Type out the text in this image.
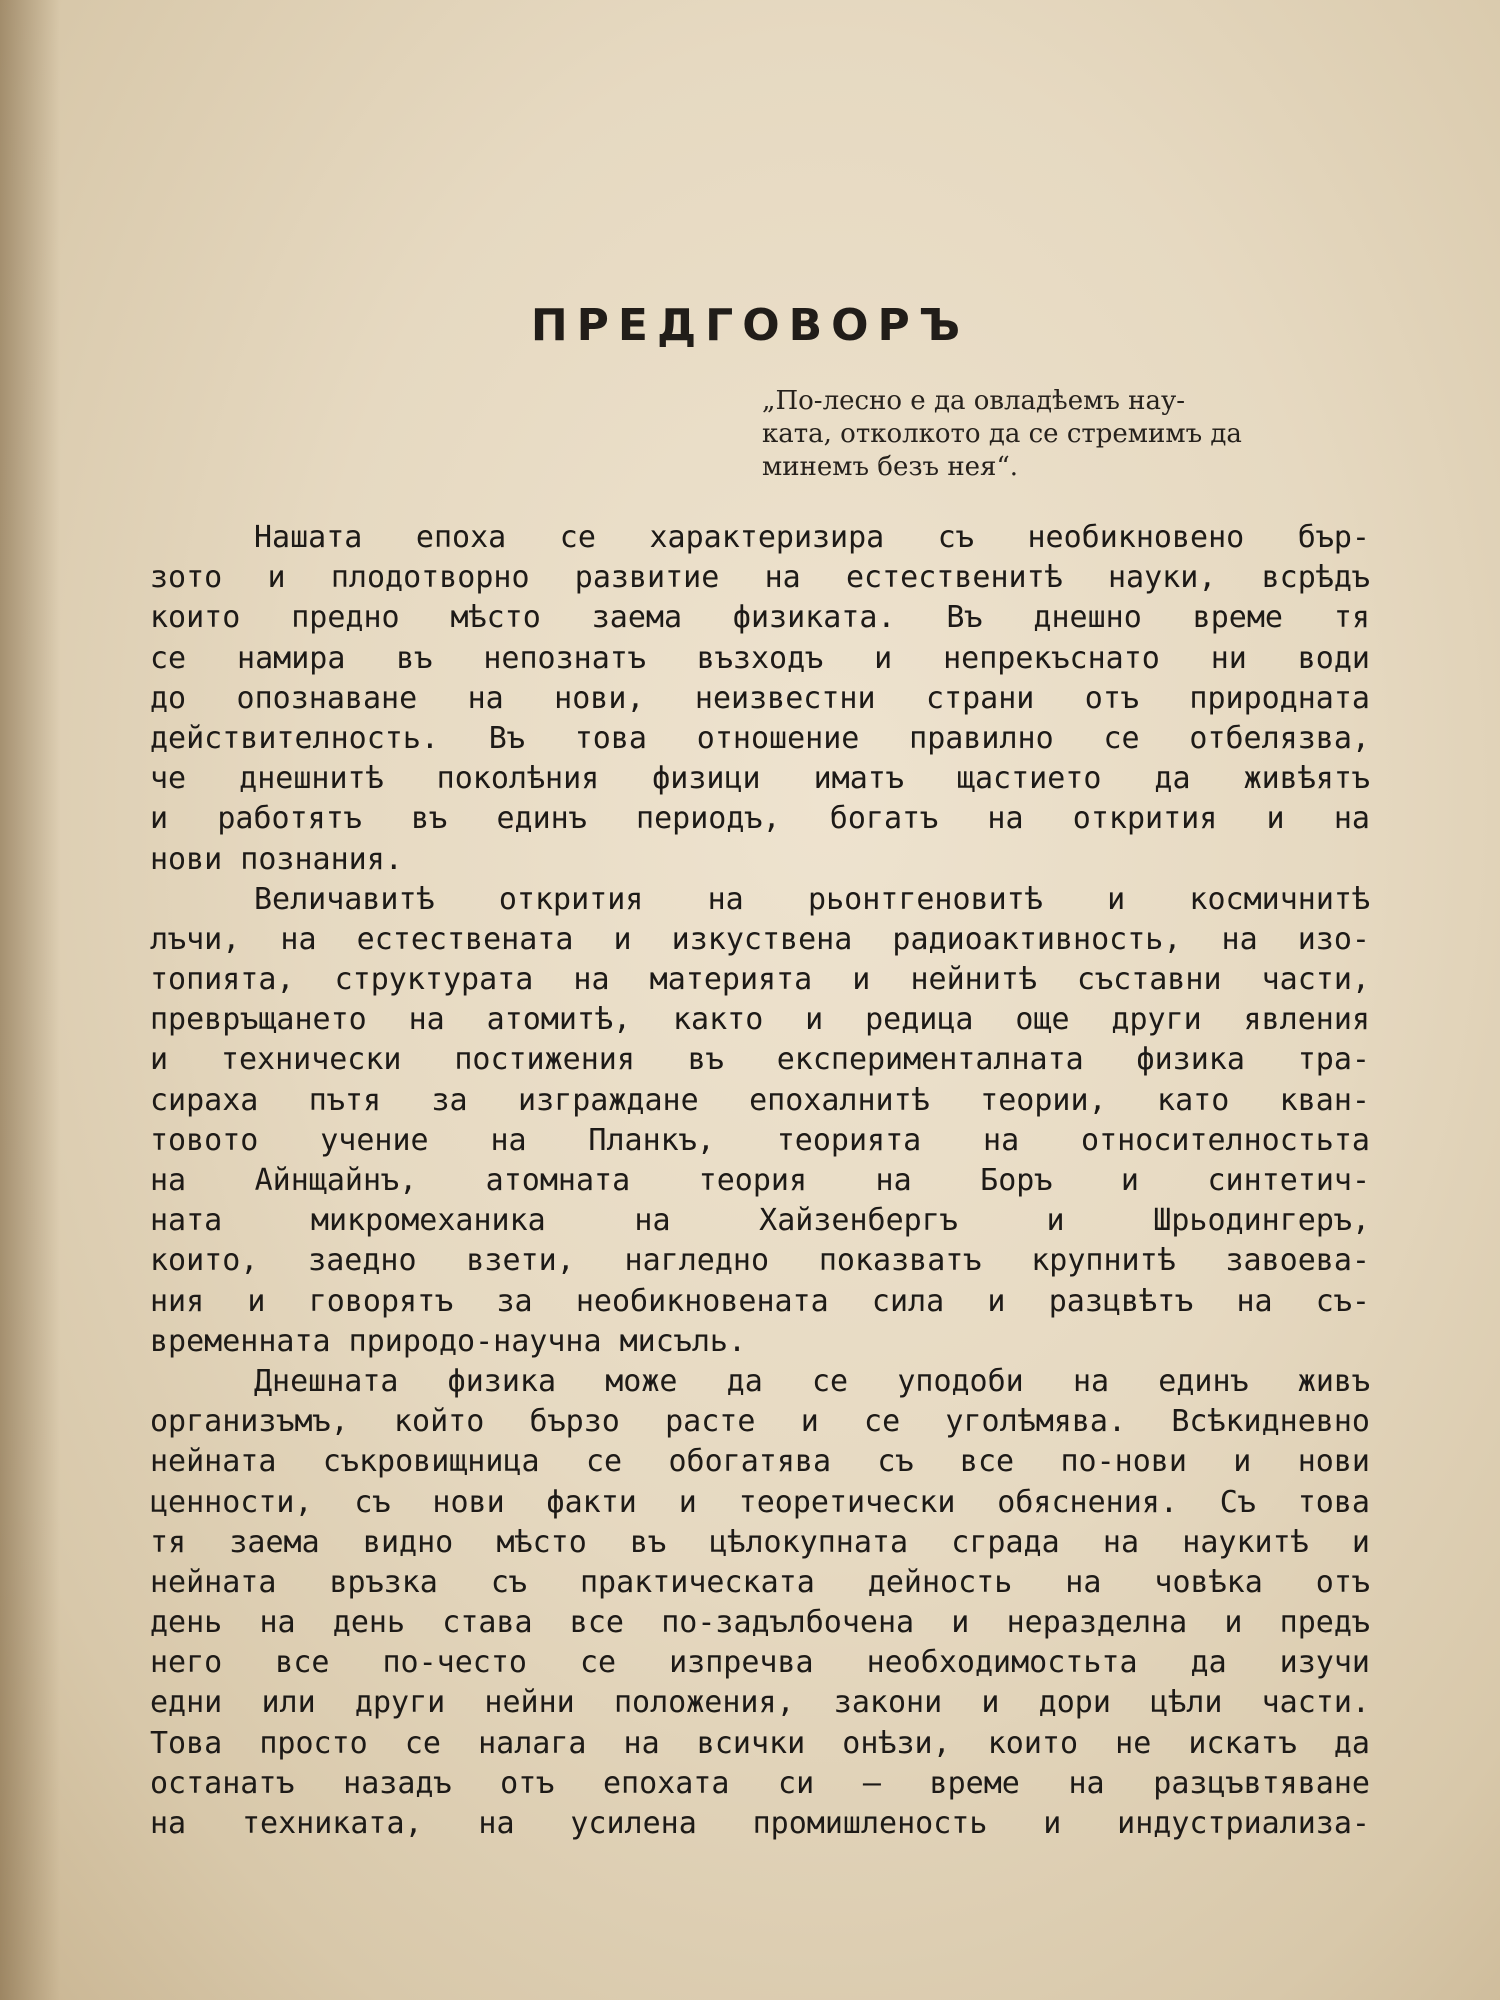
ПРЕДГОВОРЪ
„По-лесно е да овладѣемъ нау-
ката, отколкото да се стремимъ да
минемъ безъ нея“.
Нашата епоха се характеризира съ необикновено бър-
зото и плодотворно развитие на естественитѣ науки, всрѣдъ
които предно мѣсто заема физиката. Въ днешно време тя
се намира въ непознатъ възходъ и непрекъснато ни води
до опознаване на нови, неизвестни страни отъ природната
действителность. Въ това отношение правилно се отбелязва,
че днешнитѣ поколѣния физици иматъ щастието да живѣятъ
и работятъ въ единъ периодъ, богатъ на открития и на
нови познания.
Величавитѣ открития на рьонтгеновитѣ и космичнитѣ
лъчи, на естествената и изкуствена радиоактивность, на изо-
топията, структурата на материята и нейнитѣ съставни части,
превръщането на атомитѣ, както и редица още други явления
и технически постижения въ експерименталната физика тра-
сираха пътя за изграждане епохалнитѣ теории, като кван-
товото учение на Планкъ, теорията на относителностьта
на Айнщайнъ, атомната теория на Боръ и синтетич-
ната микромеханика на Хайзенбергъ и Шрьодингеръ,
които, заедно взети, нагледно показватъ крупнитѣ завоева-
ния и говорятъ за необикновената сила и разцвѣтъ на съ-
временната природо-научна мисъль.
Днешната физика може да се уподоби на единъ живъ
организъмъ, който бързо расте и се уголѣмява. Всѣкидневно
нейната съкровищница се обогатява съ все по-нови и нови
ценности, съ нови факти и теоретически обяснения. Съ това
тя заема видно мѣсто въ цѣлокупната сграда на наукитѣ и
нейната връзка съ практическата дейность на човѣка отъ
день на день става все по-задълбочена и неразделна и предъ
него все по-често се изпречва необходимостьта да изучи
едни или други нейни положения, закони и дори цѣли части.
Това просто се налага на всички онѣзи, които не искатъ да
останатъ назадъ отъ епохата си — време на разцъвтяване
на техниката, на усилена промишленость и индустриализа-
